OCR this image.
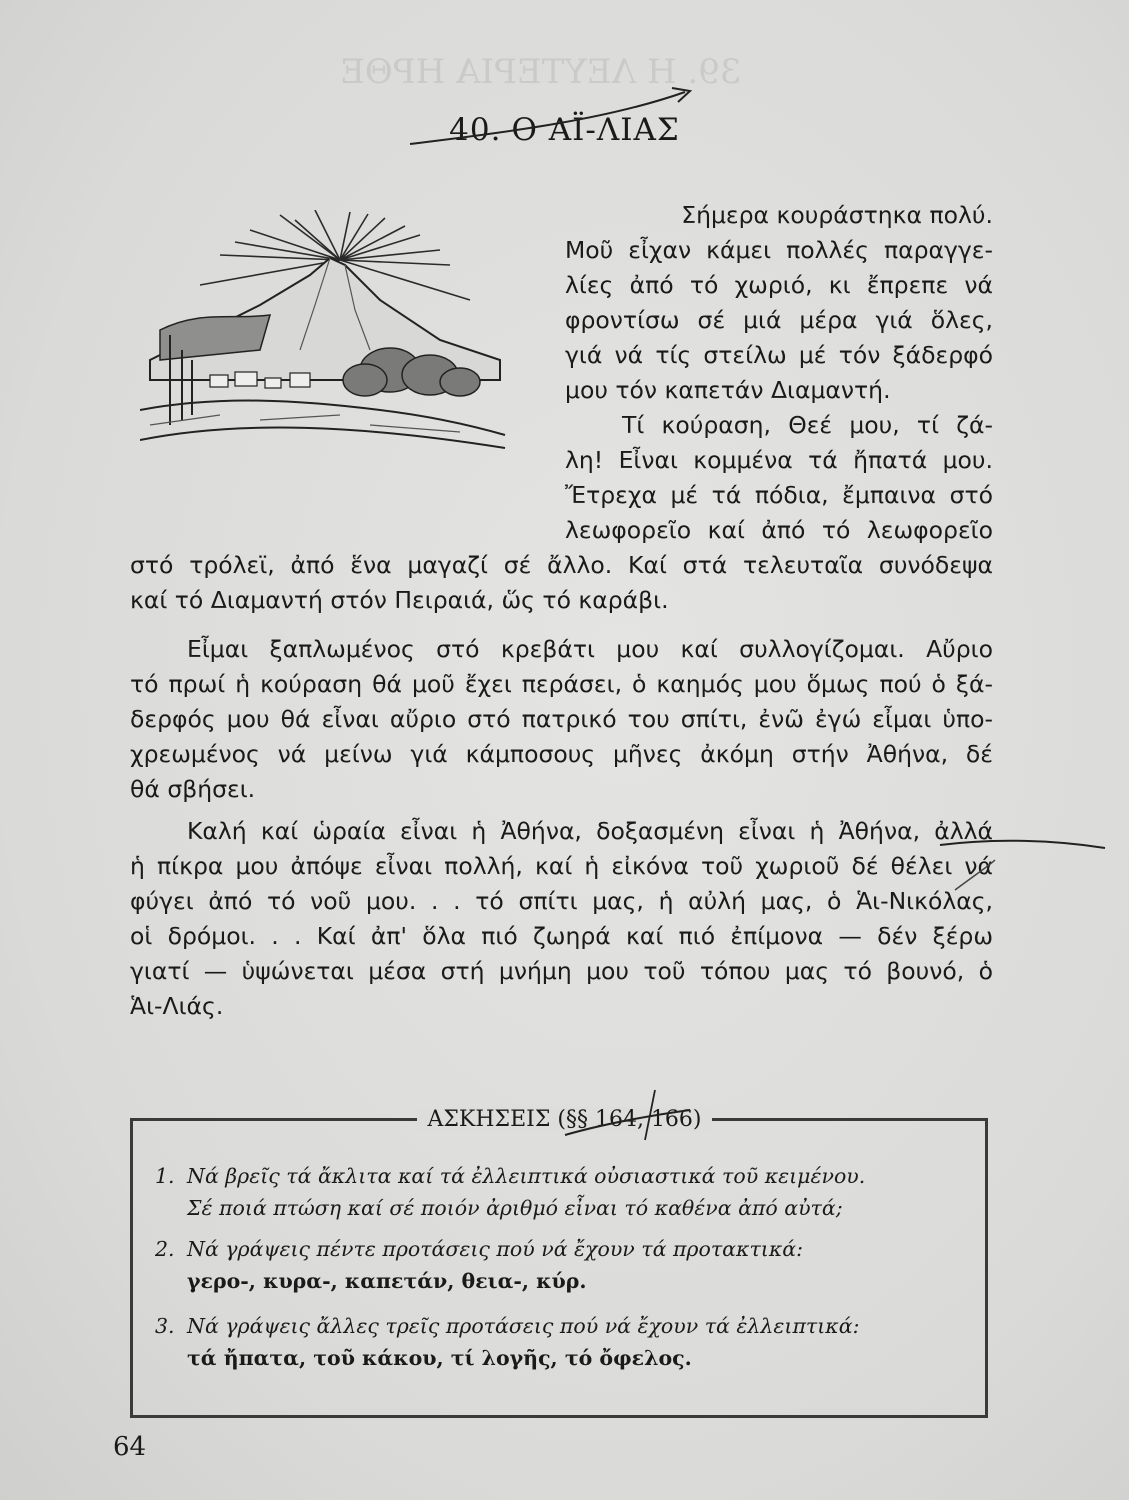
39. Η ΛΕΥΤΕΡΙΑ ΗΡΘΕ
40. Ο ΑΪ-ΛΙΑΣ
Σήμερα κουράστηκα πολύ.
Μοῦ εἶχαν κάμει πολλές παραγγε-
λίες ἀπό τό χωριό, κι ἔπρεπε νά
φροντίσω σέ μιά μέρα γιά ὅλες,
γιά νά τίς στείλω μέ τόν ξάδερφό
μου τόν καπετάν Διαμαντή.
Τί κούραση, Θεέ μου, τί ζά-
λη! Εἶναι κομμένα τά ἤπατά μου.
Ἔτρεχα μέ τά πόδια, ἔμπαινα στό
λεωφορεῖο καί ἀπό τό λεωφορεῖο
στό τρόλεϊ, ἀπό ἕνα μαγαζί σέ ἄλλο. Καί στά τελευταῖα συνόδεψα
καί τό Διαμαντή στόν Πειραιά, ὥς τό καράβι.
Εἶμαι ξαπλωμένος στό κρεβάτι μου καί συλλογίζομαι. Αὔριο
τό πρωί ἡ κούραση θά μοῦ ἔχει περάσει, ὁ καημός μου ὅμως πού ὁ ξά-
δερφός μου θά εἶναι αὔριο στό πατρικό του σπίτι, ἐνῶ ἐγώ εἶμαι ὑπο-
χρεωμένος νά μείνω γιά κάμποσους μῆνες ἀκόμη στήν Ἀθήνα, δέ
θά σβήσει.
Καλή καί ὡραία εἶναι ἡ Ἀθήνα, δοξασμένη εἶναι ἡ Ἀθήνα, ἀλλά
ἡ πίκρα μου ἀπόψε εἶναι πολλή, καί ἡ εἰκόνα τοῦ χωριοῦ δέ θέλει νά
φύγει ἀπό τό νοῦ μου. . . τό σπίτι μας, ἡ αὐλή μας, ὁ Ἁι-Νικόλας,
οἱ δρόμοι. . . Καί ἀπ' ὅλα πιό ζωηρά καί πιό ἐπίμονα — δέν ξέρω
γιατί — ὑψώνεται μέσα στή μνήμη μου τοῦ τόπου μας τό βουνό, ὁ
Ἁι-Λιάς.
ΑΣΚΗΣΕΙΣ (§§ 164, 166)
1. Νά βρεῖς τά ἄκλιτα καί τά ἐλλειπτικά οὐσιαστικά τοῦ κειμένου.
Σέ ποιά πτώση καί σέ ποιόν ἀριθμό εἶναι τό καθένα ἀπό αὐτά;
2. Νά γράψεις πέντε προτάσεις πού νά ἔχουν τά προτακτικά:
γερο-, κυρα-, καπετάν, θεια-, κύρ.
3. Νά γράψεις ἄλλες τρεῖς προτάσεις πού νά ἔχουν τά ἐλλειπτικά:
τά ἤπατα, τοῦ κάκου, τί λογῆς, τό ὄφελος.
64
